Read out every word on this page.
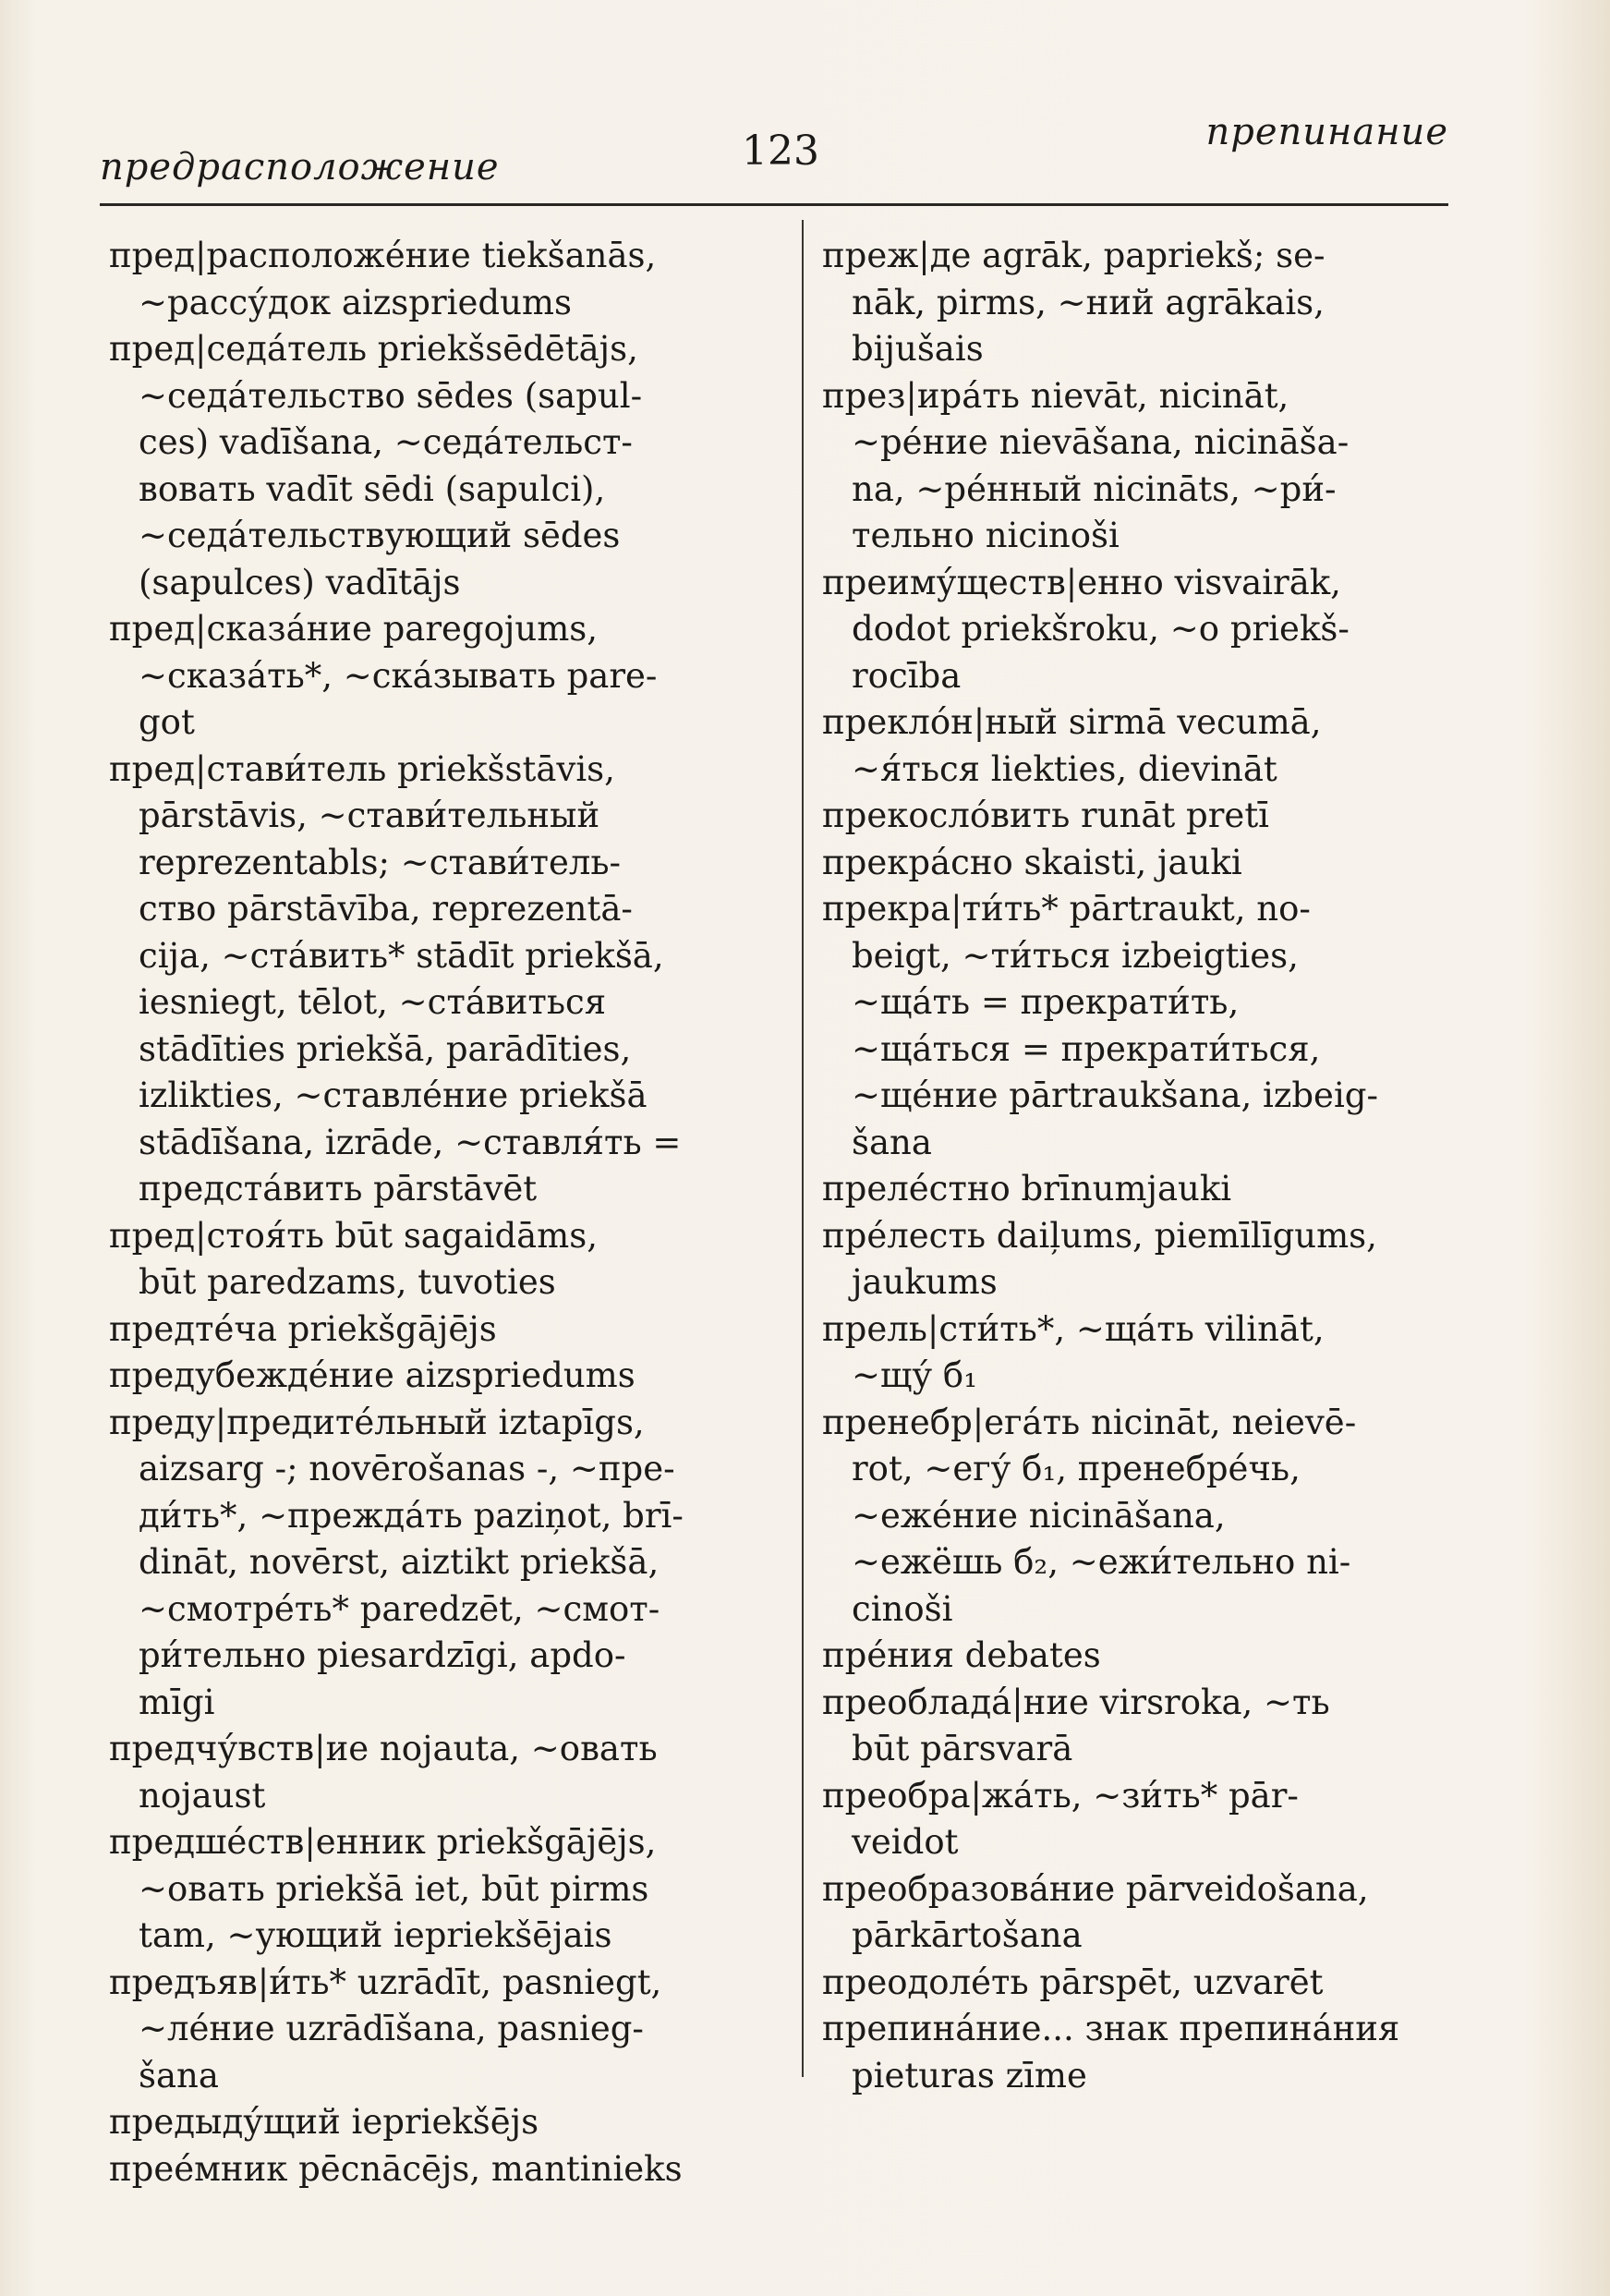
предрасположение	123	препинание

пред|расположе́ние tiekšanās,
~рассу́док aizspriedums

пред|седа́тель priekšsēdētājs,
~седа́тельство sēdes (sapul-
ces) vadīšana, ~седа́тельст-
вовать vadīt sēdi (sapulci),
~седа́тельствующий sēdes
(sapulces) vadītājs

пред|сказа́ние paregojums,
~сказа́ть*, ~ска́зывать pare-
got

пред|стави́тель priekšstāvis,
pārstāvis, ~стави́тельный
reprezentabls; ~стави́тель-
ство pārstāvība, reprezentā-
cija, ~ста́вить* stādīt priekšā,
iesniegt, tēlot, ~ста́виться
stādīties priekšā, parādīties,
izlikties, ~ставле́ние priekšā
stādīšana, izrāde, ~ставля́ть =
предста́вить pārstāvēt

пред|стоя́ть būt sagaidāms,
būt paredzams, tuvoties

предте́ча priekšgājējs

предубежде́ние aizspriedums

преду|предите́льный iztapīgs,
aizsarg -; novērošanas -, ~пре-
ди́ть*, ~прежда́ть paziņot, brī-
dināt, novērst, aiztikt priekšā,
~смотре́ть* paredzēt, ~смот-
ри́тельно piesardzīgi, apdo-
mīgi

предчу́вств|ие nojauta, ~овать
nojaust

предше́ств|енник priekšgājējs,
~овать priekšā iet, būt pirms
tam, ~ующий iepriekšējais

предъяв|и́ть* uzrādīt, pasniegt,
~ле́ние uzrādīšana, pasnieg-
šana

предыду́щий iepriekšējs

прее́мник pēcnācējs, mantinieks

преж|де agrāk, papriekš; se-
nāk, pirms, ~ний agrākais,
bijušais

през|ира́ть nievāt, nicināt,
~ре́ние nievāšana, nicināša-
na, ~ре́нный nicināts, ~ри́-
тельно nicinoši

преиму́ществ|енно visvairāk,
dodot priekšroku, ~о priekš-
rocība

преклóн|ный sirmā vecumā,
~я́ться liekties, dievināt

прекослóвить runāt pretī

прекра́сно skaisti, jauki

прекра|ти́ть* pārtraukt, no-
beigt, ~ти́ться izbeigties,
~ща́ть = прекрати́ть,
~ща́ться = прекрати́ться,
~ще́ние pārtraukšana, izbeig-
šana

преле́стно brīnumjauki

пре́лесть daiļums, piemīlīgums,
jaukums

прель|сти́ть*, ~ща́ть vilināt,
~щу́ б₁

пренебр|ега́ть nicināt, neievē-
rot, ~егу́ б₁, пренебре́чь,
~еже́ние nicināšana,
~ежёшь б₂, ~ежи́тельно ni-
cinoši

пре́ния debates

преоблада́|ние virsroka, ~ть
būt pārsvarā

преобра|жа́ть, ~зи́ть* pār-
veidot

преобразова́ние pārveidošana,
pārkārtošana

преодоле́ть pārspēt, uzvarēt

препина́ние... знак препина́ния
pieturas zīme
